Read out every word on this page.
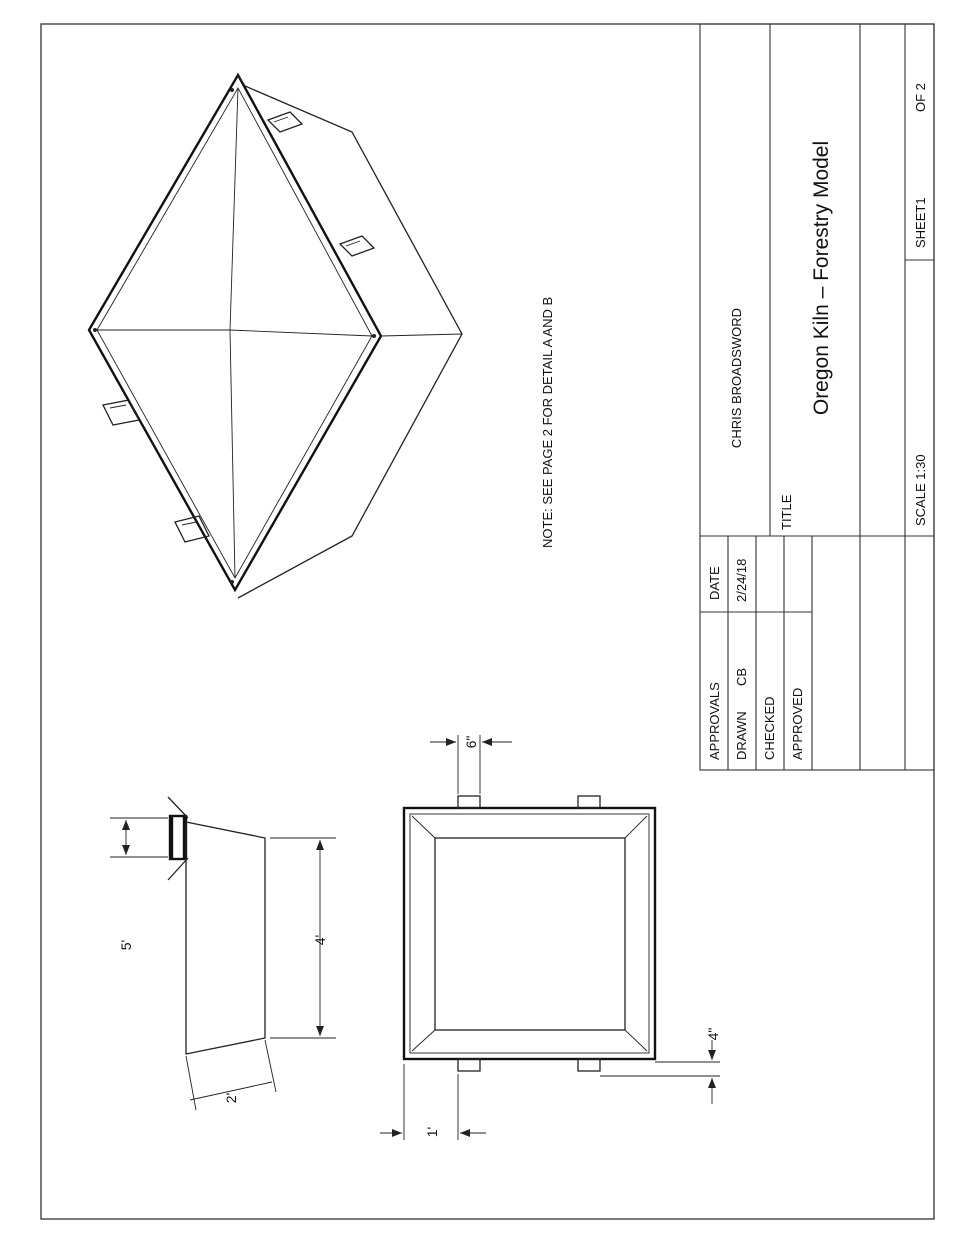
NOTE: SEE PAGE 2 FOR DETAIL A AND B
5'	4'
2'
6"
4"
1'
APPROVALS
DATE
DRAWN
CB
2/24/18
CHECKED APPROVED
CHRIS BROADSWORD
TITLE
Oregon Kiln – Forestry Model
SCALE 1:30
SHEET1
OF 2
